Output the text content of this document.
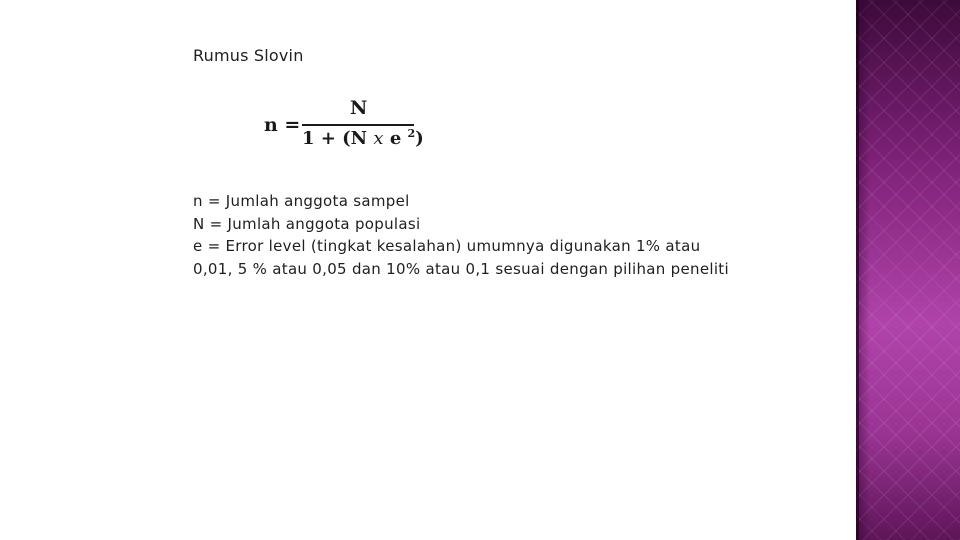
Rumus Slovin
n =
N
1 + (N x e $^2$)
n = Jumlah anggota sampel
N = Jumlah anggota populasi
e = Error level (tingkat kesalahan) umumnya digunakan 1% atau
0,01, 5 % atau 0,05 dan 10% atau 0,1 sesuai dengan pilihan peneliti
